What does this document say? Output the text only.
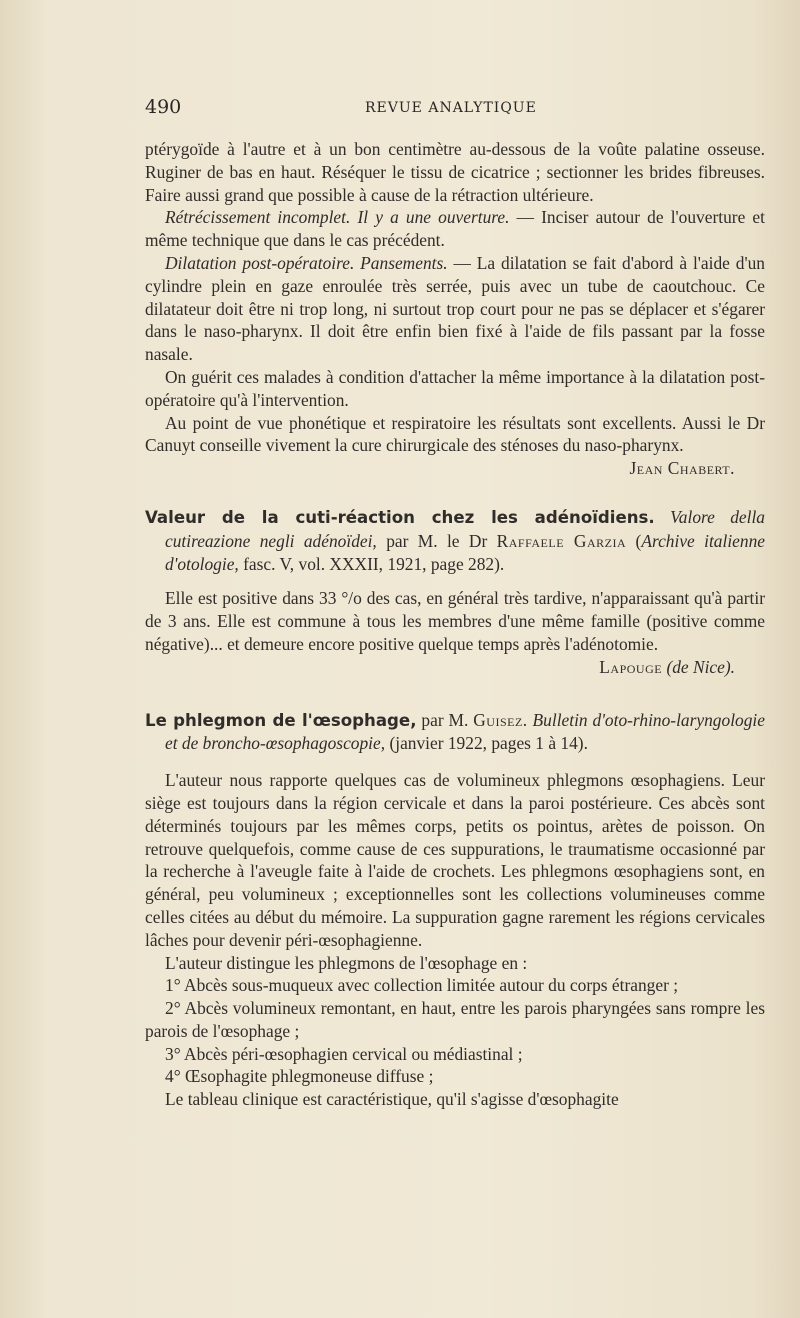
490	REVUE ANALYTIQUE

ptérygoïde à l'autre et à un bon centimètre au-dessous de la voûte palatine osseuse. Ruginer de bas en haut. Réséquer le tissu de cicatrice ; sectionner les brides fibreuses. Faire aussi grand que possible à cause de la rétraction ultérieure.

Rétrécissement incomplet. Il y a une ouverture. — Inciser autour de l'ouverture et même technique que dans le cas précédent.

Dilatation post-opératoire. Pansements. — La dilatation se fait d'abord à l'aide d'un cylindre plein en gaze enroulée très serrée, puis avec un tube de caoutchouc. Ce dilatateur doit être ni trop long, ni surtout trop court pour ne pas se déplacer et s'égarer dans le naso-pharynx. Il doit être enfin bien fixé à l'aide de fils passant par la fosse nasale.

On guérit ces malades à condition d'attacher la même importance à la dilatation post-opératoire qu'à l'intervention.

Au point de vue phonétique et respiratoire les résultats sont excellents. Aussi le Dr Canuyt conseille vivement la cure chirurgicale des sténoses du naso-pharynx.

Jean Chabert.

Valeur de la cuti-réaction chez les adénoïdiens. Valore della cutireazione negli adénoïdei, par M. le Dr Raffaele Garzia (Archive italienne d'otologie, fasc. V, vol. XXXII, 1921, page 282).

Elle est positive dans 33 °/o des cas, en général très tardive, n'apparaissant qu'à partir de 3 ans. Elle est commune à tous les membres d'une même famille (positive comme négative)... et demeure encore positive quelque temps après l'adénotomie.

Lapouge (de Nice).

Le phlegmon de l'œsophage, par M. Guisez. Bulletin d'oto-rhino-laryngologie et de broncho-œsophagoscopie, (janvier 1922, pages 1 à 14).

L'auteur nous rapporte quelques cas de volumineux phlegmons œsophagiens. Leur siège est toujours dans la région cervicale et dans la paroi postérieure. Ces abcès sont déterminés toujours par les mêmes corps, petits os pointus, arètes de poisson. On retrouve quelquefois, comme cause de ces suppurations, le traumatisme occasionné par la recherche à l'aveugle faite à l'aide de crochets. Les phlegmons œsophagiens sont, en général, peu volumineux ; exceptionnelles sont les collections volumineuses comme celles citées au début du mémoire. La suppuration gagne rarement les régions cervicales lâches pour devenir péri-œsophagienne.

L'auteur distingue les phlegmons de l'œsophage en :

1° Abcès sous-muqueux avec collection limitée autour du corps étranger ;

2° Abcès volumineux remontant, en haut, entre les parois pharyngées sans rompre les parois de l'œsophage ;

3° Abcès péri-œsophagien cervical ou médiastinal ;

4° Œsophagite phlegmoneuse diffuse ;

Le tableau clinique est caractéristique, qu'il s'agisse d'œsophagite
